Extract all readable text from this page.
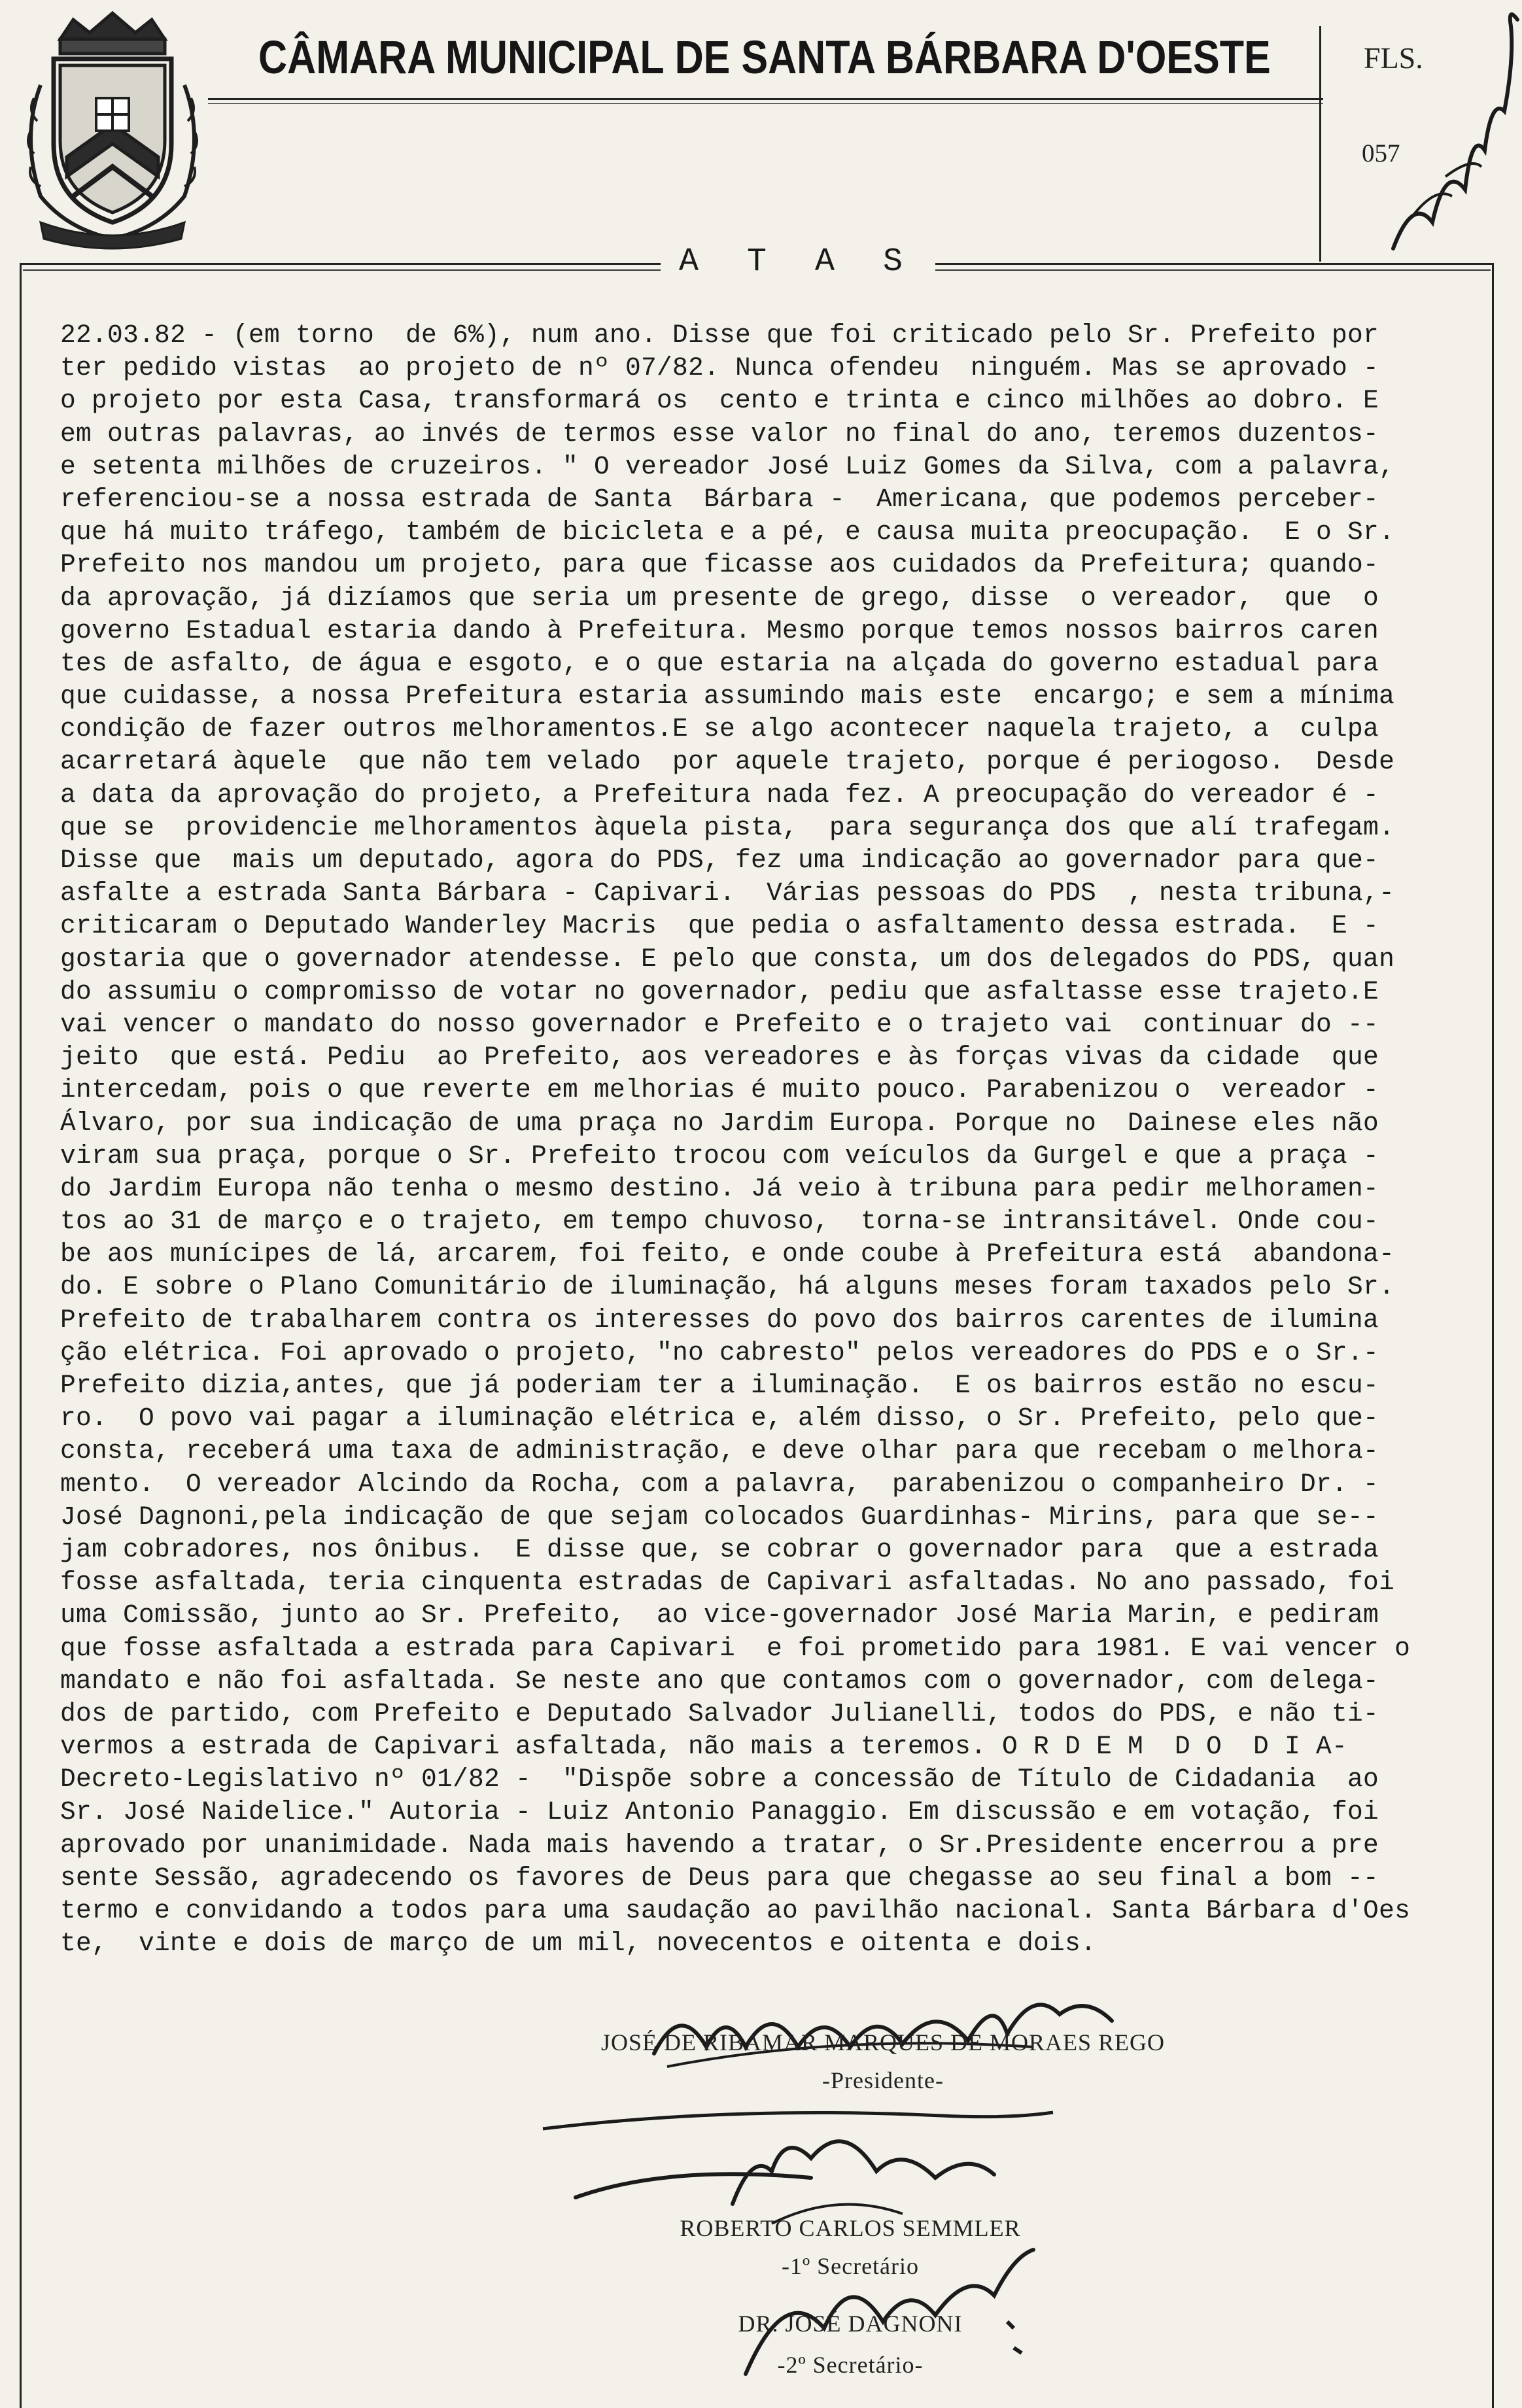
CÂMARA MUNICIPAL DE SANTA BÁRBARA D'OESTE	FLS.
057
A T A S
22.03.82 - (em torno  de 6%), num ano. Disse que foi criticado pelo Sr. Prefeito por
ter pedido vistas  ao projeto de nº 07/82. Nunca ofendeu  ninguém. Mas se aprovado -
o projeto por esta Casa, transformará os  cento e trinta e cinco milhões ao dobro. E
em outras palavras, ao invés de termos esse valor no final do ano, teremos duzentos-
e setenta milhões de cruzeiros. " O vereador José Luiz Gomes da Silva, com a palavra,
referenciou-se a nossa estrada de Santa  Bárbara -  Americana, que podemos perceber-
que há muito tráfego, também de bicicleta e a pé, e causa muita preocupação.  E o Sr.
Prefeito nos mandou um projeto, para que ficasse aos cuidados da Prefeitura; quando-
da aprovação, já dizíamos que seria um presente de grego, disse  o vereador,  que  o
governo Estadual estaria dando à Prefeitura. Mesmo porque temos nossos bairros caren
tes de asfalto, de água e esgoto, e o que estaria na alçada do governo estadual para
que cuidasse, a nossa Prefeitura estaria assumindo mais este  encargo; e sem a mínima
condição de fazer outros melhoramentos.E se algo acontecer naquela trajeto, a  culpa
acarretará àquele  que não tem velado  por aquele trajeto, porque é periogoso.  Desde
a data da aprovação do projeto, a Prefeitura nada fez. A preocupação do vereador é -
que se  providencie melhoramentos àquela pista,  para segurança dos que alí trafegam.
Disse que  mais um deputado, agora do PDS, fez uma indicação ao governador para que-
asfalte a estrada Santa Bárbara - Capivari.  Várias pessoas do PDS  , nesta tribuna,-
criticaram o Deputado Wanderley Macris  que pedia o asfaltamento dessa estrada.  E -
gostaria que o governador atendesse. E pelo que consta, um dos delegados do PDS, quan
do assumiu o compromisso de votar no governador, pediu que asfaltasse esse trajeto.E
vai vencer o mandato do nosso governador e Prefeito e o trajeto vai  continuar do --
jeito  que está. Pediu  ao Prefeito, aos vereadores e às forças vivas da cidade  que
intercedam, pois o que reverte em melhorias é muito pouco. Parabenizou o  vereador -
Álvaro, por sua indicação de uma praça no Jardim Europa. Porque no  Dainese eles não
viram sua praça, porque o Sr. Prefeito trocou com veículos da Gurgel e que a praça -
do Jardim Europa não tenha o mesmo destino. Já veio à tribuna para pedir melhoramen-
tos ao 31 de março e o trajeto, em tempo chuvoso,  torna-se intransitável. Onde cou-
be aos munícipes de lá, arcarem, foi feito, e onde coube à Prefeitura está  abandona-
do. E sobre o Plano Comunitário de iluminação, há alguns meses foram taxados pelo Sr.
Prefeito de trabalharem contra os interesses do povo dos bairros carentes de ilumina
ção elétrica. Foi aprovado o projeto, "no cabresto" pelos vereadores do PDS e o Sr.-
Prefeito dizia,antes, que já poderiam ter a iluminação.  E os bairros estão no escu-
ro.  O povo vai pagar a iluminação elétrica e, além disso, o Sr. Prefeito, pelo que-
consta, receberá uma taxa de administração, e deve olhar para que recebam o melhora-
mento.  O vereador Alcindo da Rocha, com a palavra,  parabenizou o companheiro Dr. -
José Dagnoni,pela indicação de que sejam colocados Guardinhas- Mirins, para que se--
jam cobradores, nos ônibus.  E disse que, se cobrar o governador para  que a estrada
fosse asfaltada, teria cinquenta estradas de Capivari asfaltadas. No ano passado, foi
uma Comissão, junto ao Sr. Prefeito,  ao vice-governador José Maria Marin, e pediram
que fosse asfaltada a estrada para Capivari  e foi prometido para 1981. E vai vencer o
mandato e não foi asfaltada. Se neste ano que contamos com o governador, com delega-
dos de partido, com Prefeito e Deputado Salvador Julianelli, todos do PDS, e não ti-
vermos a estrada de Capivari asfaltada, não mais a teremos. O R D E M  D O  D I A-
Decreto-Legislativo nº 01/82 -  "Dispõe sobre a concessão de Título de Cidadania  ao
Sr. José Naidelice." Autoria - Luiz Antonio Panaggio. Em discussão e em votação, foi
aprovado por unanimidade. Nada mais havendo a tratar, o Sr.Presidente encerrou a pre
sente Sessão, agradecendo os favores de Deus para que chegasse ao seu final a bom --
termo e convidando a todos para uma saudação ao pavilhão nacional. Santa Bárbara d'Oes
te,  vinte e dois de março de um mil, novecentos e oitenta e dois.
JOSÉ DE RIBAMAR MARQUES DE MORAES REGO
-Presidente-
ROBERTO CARLOS SEMMLER
-1º Secretário
DR. JOSÉ DAGNONI
-2º Secretário-
